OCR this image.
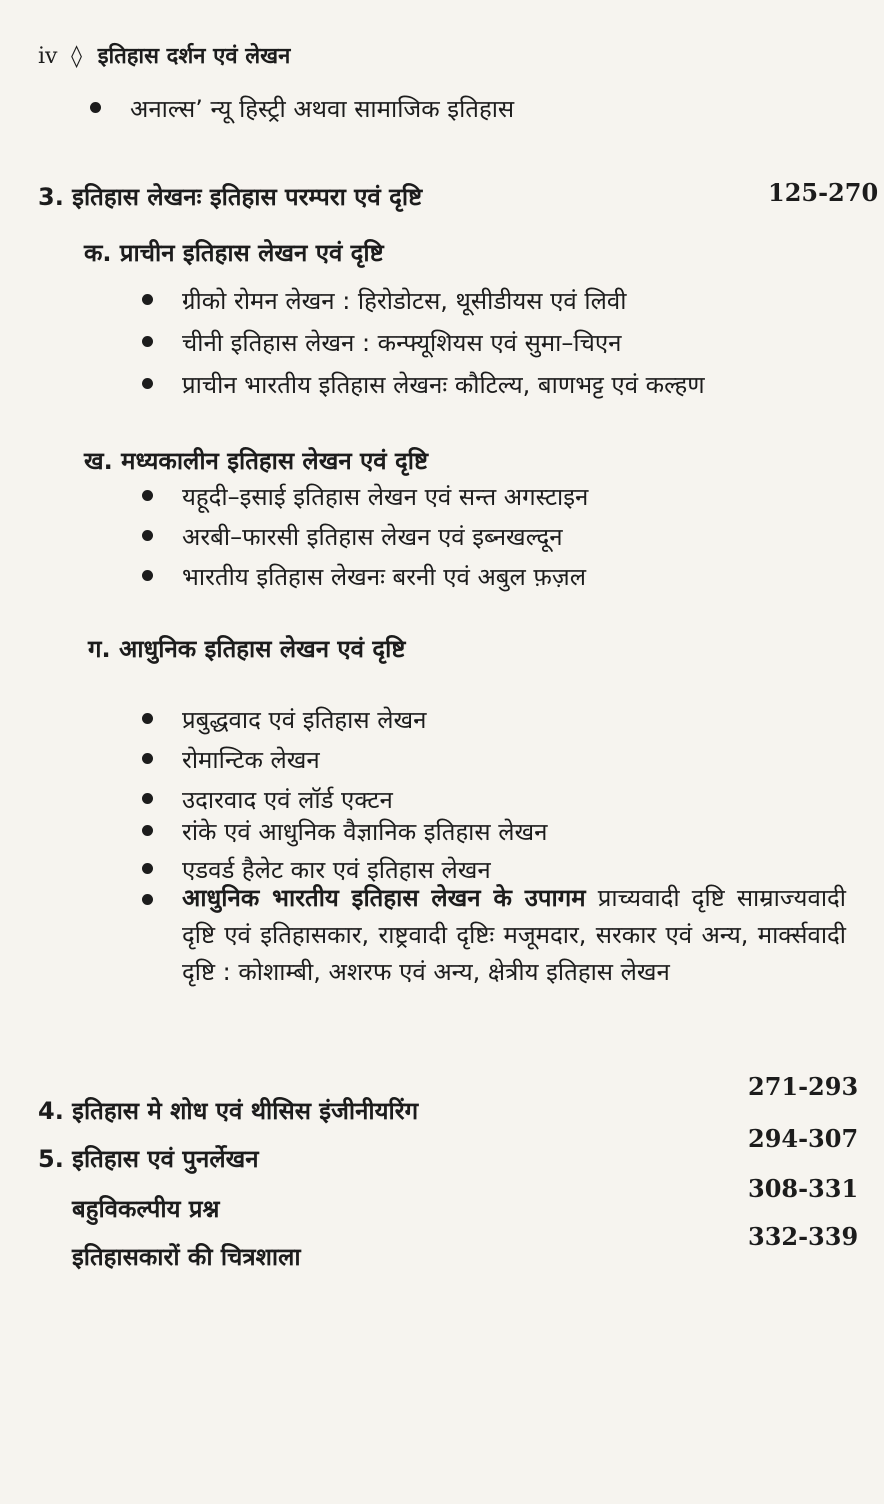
iv ◊ इतिहास दर्शन एवं लेखन
अनाल्स’ न्यू हिस्ट्री अथवा सामाजिक इतिहास
3. इतिहास लेखनः इतिहास परम्परा एवं दृष्टि	125-270
क. प्राचीन इतिहास लेखन एवं दृष्टि
ग्रीको रोमन लेखन : हिरोडोटस, थूसीडीयस एवं लिवी
चीनी इतिहास लेखन : कन्फ्यूशियस एवं सुमा–चिएन
प्राचीन भारतीय इतिहास लेखनः कौटिल्य, बाणभट्ट एवं कल्हण
ख. मध्यकालीन इतिहास लेखन एवं दृष्टि
यहूदी–इसाई इतिहास लेखन एवं सन्त अगस्टाइन
अरबी–फारसी इतिहास लेखन एवं इब्नखल्दून
भारतीय इतिहास लेखनः बरनी एवं अबुल फ़ज़ल
ग. आधुनिक इतिहास लेखन एवं दृष्टि
प्रबुद्धवाद एवं इतिहास लेखन
रोमान्टिक लेखन
उदारवाद एवं लॉर्ड एक्टन
रांके एवं आधुनिक वैज्ञानिक इतिहास लेखन
एडवर्ड हैलेट कार एवं इतिहास लेखन
आधुनिक भारतीय इतिहास लेखन के उपागम प्राच्यवादी दृष्टि साम्राज्यवादी दृष्टि एवं इतिहासकार, राष्ट्रवादी दृष्टिः मजूमदार, सरकार एवं अन्य, मार्क्सवादी दृष्टि : कोशाम्बी, अशरफ एवं अन्य, क्षेत्रीय इतिहास लेखन
4. इतिहास मे शोध एवं थीसिस इंजीनीयरिंग
271-293
5. इतिहास एवं पुनर्लेखन
294-307
बहुविकल्पीय प्रश्न
308-331
इतिहासकारों की चित्रशाला
332-339
